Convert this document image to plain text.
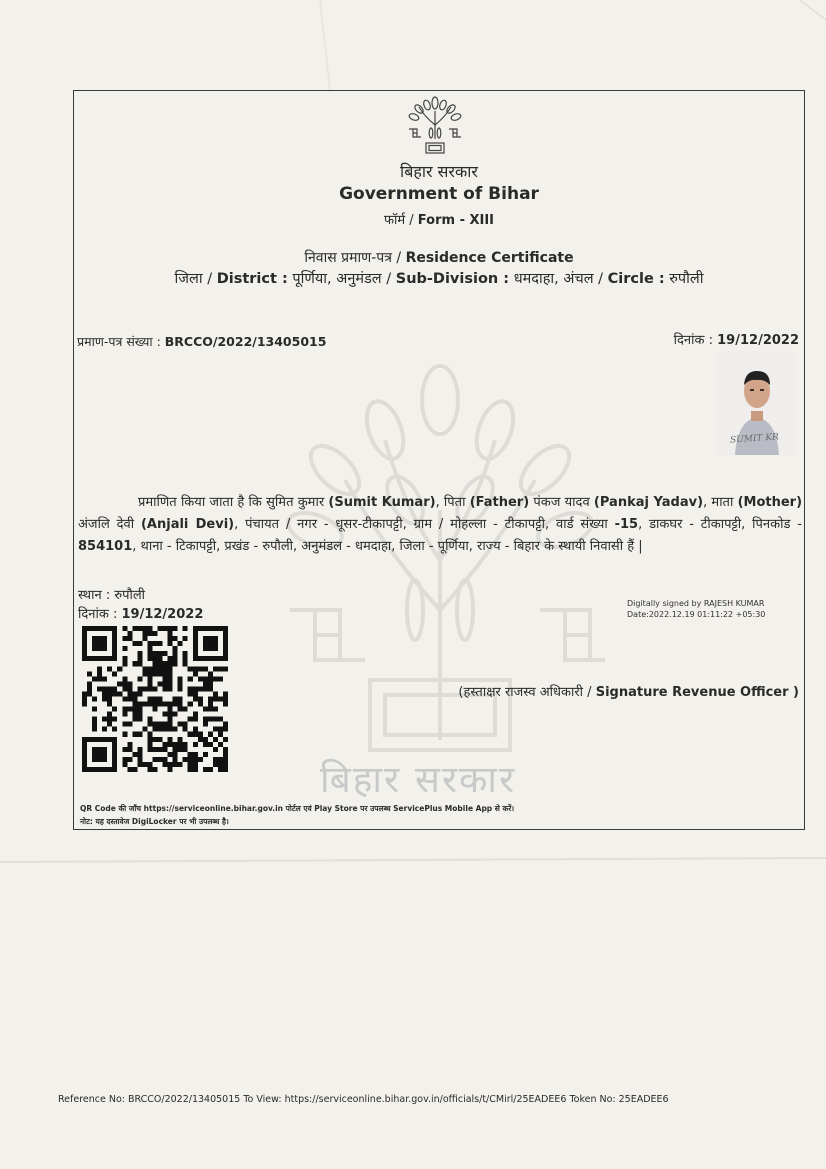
बिहार सरकार
बिहार सरकार
Government of Bihar
फॉर्म / Form - XIII
निवास प्रमाण-पत्र / Residence Certificate
जिला / District : पूर्णिया, अनुमंडल / Sub-Division : धमदाहा, अंचल / Circle : रुपौली
प्रमाण-पत्र संख्या : BRCCO/2022/13405015	दिनांक : 19/12/2022
SUMIT KR
प्रमाणित किया जाता है कि सुमित कुमार (Sumit Kumar), पिता (Father) पंकज यादव (Pankaj Yadav), माता (Mother) अंजलि देवी (Anjali Devi), पंचायत / नगर - धूसर-टीकापट्टी, ग्राम / मोहल्ला - टीकापट्टी, वार्ड संख्या -15, डाकघर - टीकापट्टी, पिनकोड - 854101, थाना - टिकापट्टी, प्रखंड - रुपौली, अनुमंडल - धमदाहा, जिला - पूर्णिया, राज्य - बिहार के स्थायी निवासी हैं |
स्थान : रुपौली
दिनांक : 19/12/2022
Digitally signed by RAJESH KUMAR
Date:2022.12.19 01:11:22 +05:30
(हस्ताक्षर राजस्व अधिकारी / Signature Revenue Officer )
QR Code की जाँच https://serviceonline.bihar.gov.in पोर्टल एवं Play Store पर उपलब्ध ServicePlus Mobile App से करें।
नोट: यह दस्तावेज DigiLocker पर भी उपलब्ध है।
Reference No: BRCCO/2022/13405015 To View: https://serviceonline.bihar.gov.in/officials/t/CMirl/25EADEE6 Token No: 25EADEE6
